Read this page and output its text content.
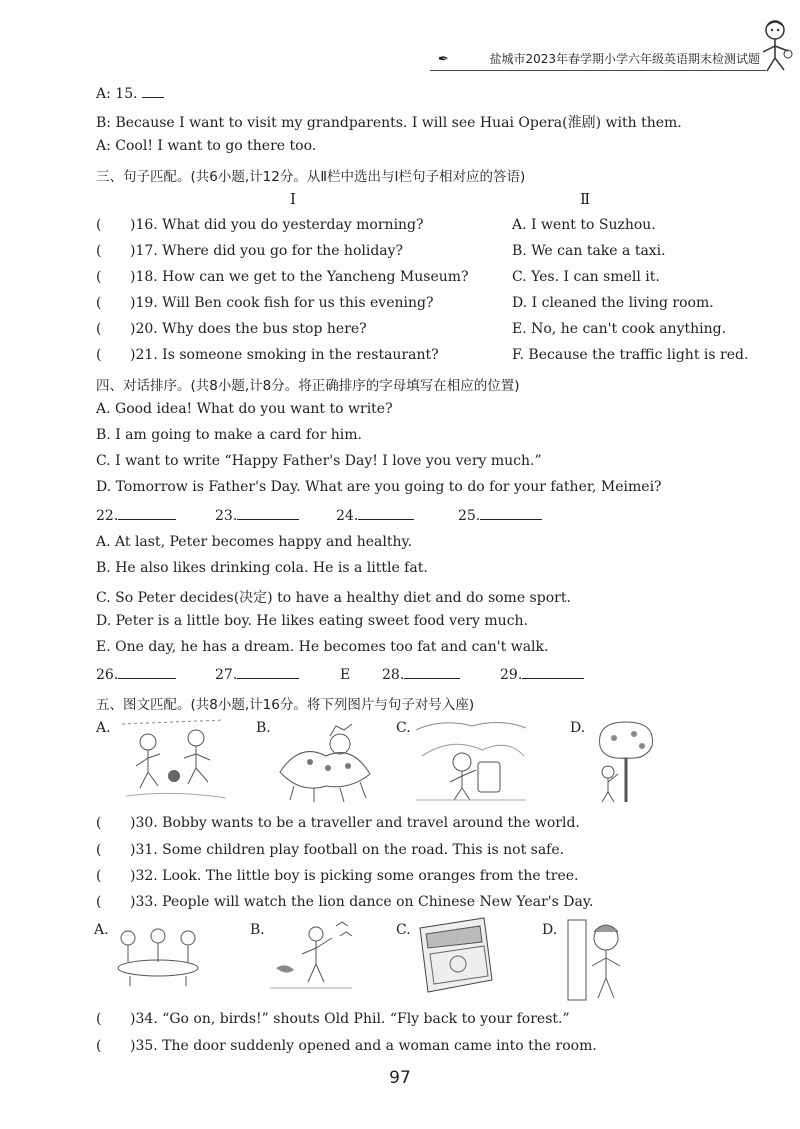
✒	盐城市2023年春学期小学六年级英语期末检测试题
A: 15.
B: Because I want to visit my grandparents. I will see Huai Opera(淮剧) with them.
A: Cool! I want to go there too.
三、句子匹配。(共6小题,计12分。从Ⅱ栏中选出与Ⅰ栏句子相对应的答语)
Ⅰ	Ⅱ
( )16. What did you do yesterday morning?	A. I went to Suzhou.
( )17. Where did you go for the holiday?	B. We can take a taxi.
( )18. How can we get to the Yancheng Museum?	C. Yes. I can smell it.
( )19. Will Ben cook fish for us this evening?	D. I cleaned the living room.
( )20. Why does the bus stop here?	E. No, he can't cook anything.
( )21. Is someone smoking in the restaurant?	F. Because the traffic light is red.
四、对话排序。(共8小题,计8分。将正确排序的字母填写在相应的位置)
A. Good idea! What do you want to write?
B. I am going to make a card for him.
C. I want to write “Happy Father's Day! I love you very much.”
D. Tomorrow is Father's Day. What are you going to do for your father, Meimei?
22.	23.	24.	25.
A. At last, Peter becomes happy and healthy.
B. He also likes drinking cola. He is a little fat.
C. So Peter decides(决定) to have a healthy diet and do some sport.
D. Peter is a little boy. He likes eating sweet food very much.
E. One day, he has a dream. He becomes too fat and can't walk.
26.	27.	E 28.	29.
五、图文匹配。(共8小题,计16分。将下列图片与句子对号入座)
A.	B.	C.	D.
( )30. Bobby wants to be a traveller and travel around the world.
( )31. Some children play football on the road. This is not safe.
( )32. Look. The little boy is picking some oranges from the tree.
( )33. People will watch the lion dance on Chinese New Year's Day.
A.	B.	C.	D.
( )34. “Go on, birds!” shouts Old Phil. “Fly back to your forest.”
( )35. The door suddenly opened and a woman came into the room.
97
